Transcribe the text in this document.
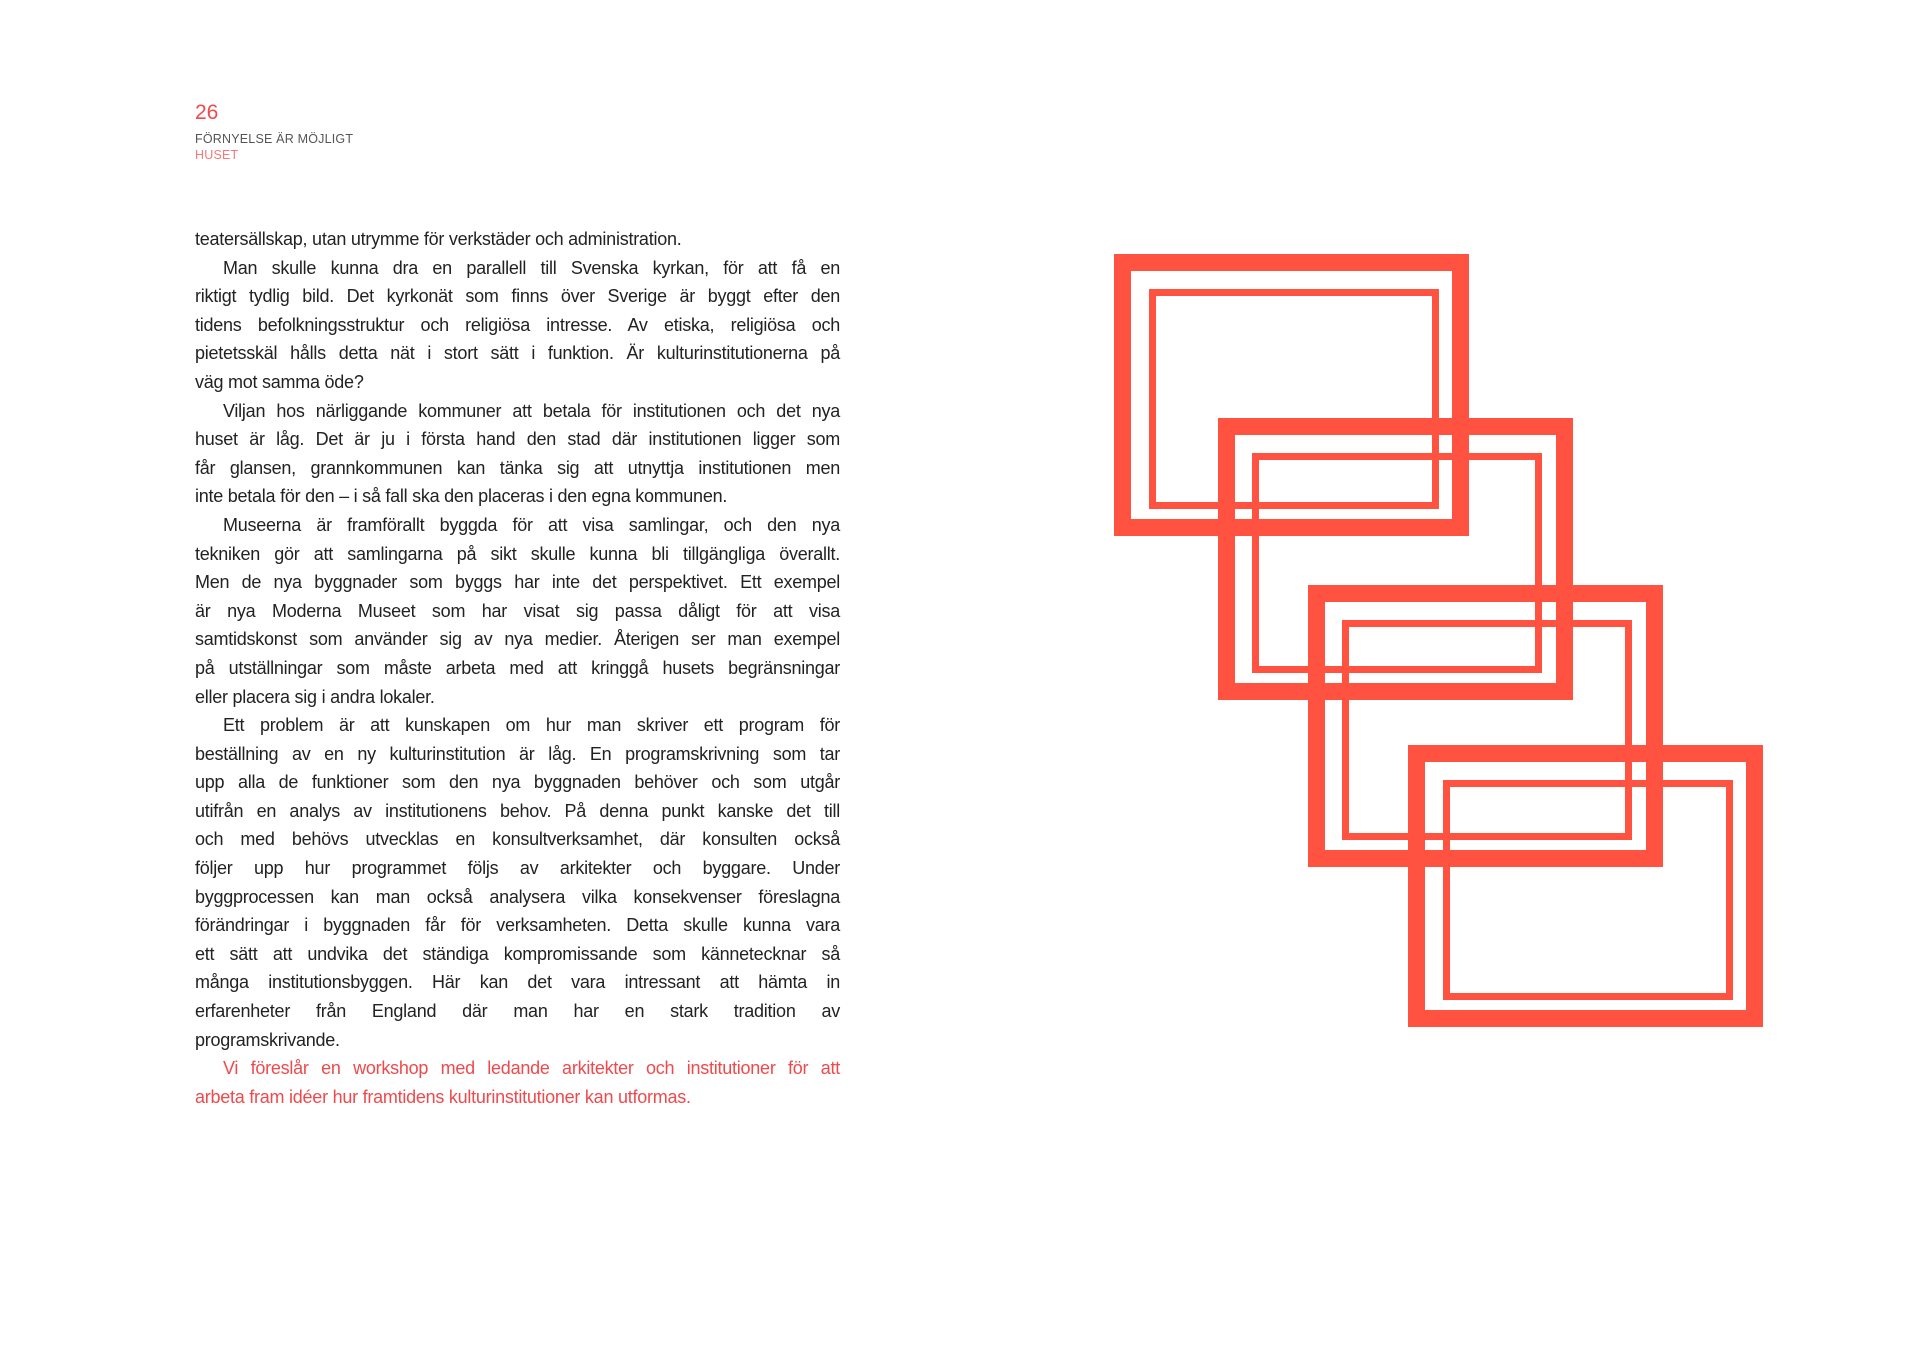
26
FÖRNYELSE ÄR MÖJLIGT
HUSET
teatersällskap, utan utrymme för verkstäder och administration.
Man skulle kunna dra en parallell till Svenska kyrkan, för att få en
riktigt tydlig bild. Det kyrkonät som finns över Sverige är byggt efter den
tidens befolkningsstruktur och religiösa intresse. Av etiska, religiösa och
pietetsskäl hålls detta nät i stort sätt i funktion. Är kulturinstitutionerna på
väg mot samma öde?
Viljan hos närliggande kommuner att betala för institutionen och det nya
huset är låg. Det är ju i första hand den stad där institutionen ligger som
får glansen, grannkommunen kan tänka sig att utnyttja institutionen men
inte betala för den – i så fall ska den placeras i den egna kommunen.
Museerna är framförallt byggda för att visa samlingar, och den nya
tekniken gör att samlingarna på sikt skulle kunna bli tillgängliga överallt.
Men de nya byggnader som byggs har inte det perspektivet. Ett exempel
är nya Moderna Museet som har visat sig passa dåligt för att visa
samtidskonst som använder sig av nya medier. Återigen ser man exempel
på utställningar som måste arbeta med att kringgå husets begränsningar
eller placera sig i andra lokaler.
Ett problem är att kunskapen om hur man skriver ett program för
beställning av en ny kulturinstitution är låg. En programskrivning som tar
upp alla de funktioner som den nya byggnaden behöver och som utgår
utifrån en analys av institutionens behov. På denna punkt kanske det till
och med behövs utvecklas en konsultverksamhet, där konsulten också
följer upp hur programmet följs av arkitekter och byggare. Under
byggprocessen kan man också analysera vilka konsekvenser föreslagna
förändringar i byggnaden får för verksamheten. Detta skulle kunna vara
ett sätt att undvika det ständiga kompromissande som kännetecknar så
många institutionsbyggen. Här kan det vara intressant att hämta in
erfarenheter från England där man har en stark tradition av
programskrivande.
Vi föreslår en workshop med ledande arkitekter och institutioner för att
arbeta fram idéer hur framtidens kulturinstitutioner kan utformas.
